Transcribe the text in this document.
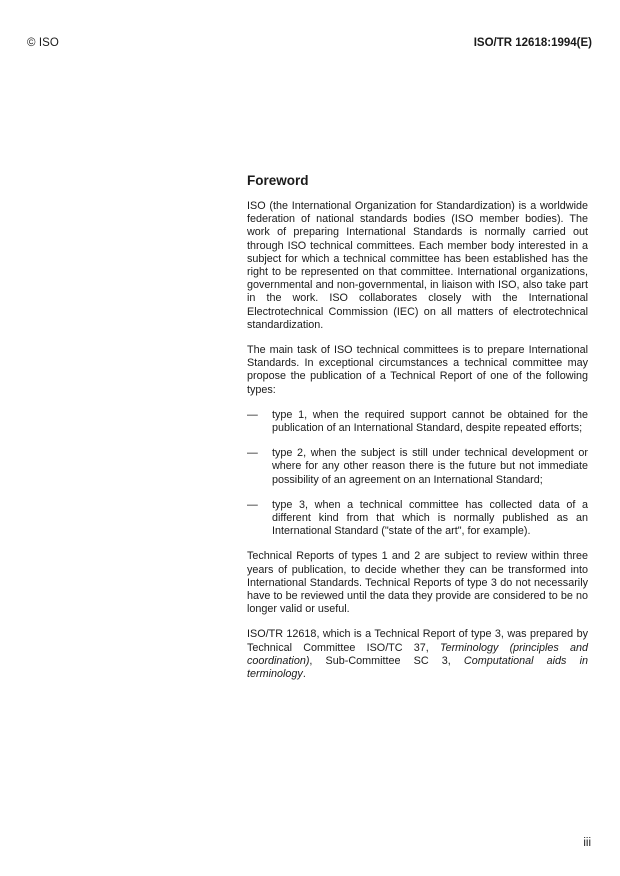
© ISO	ISO/TR 12618:1994(E)
Foreword

ISO (the International Organization for Standardization) is a worldwide federation of national standards bodies (ISO member bodies). The work of preparing International Standards is normally carried out through ISO technical committees. Each member body interested in a subject for which a technical committee has been established has the right to be represented on that committee. International organizations, governmental and non-governmental, in liaison with ISO, also take part in the work. ISO collaborates closely with the International Electrotechnical Commission (IEC) on all matters of electrotechnical standardization.

The main task of ISO technical committees is to prepare International Standards. In exceptional circumstances a technical committee may propose the publication of a Technical Report of one of the following types:

—	type 1, when the required support cannot be obtained for the publication of an International Standard, despite repeated efforts;
—	type 2, when the subject is still under technical development or where for any other reason there is the future but not immediate possibility of an agreement on an International Standard;
—	type 3, when a technical committee has collected data of a different kind from that which is normally published as an International Standard ("state of the art", for example).

Technical Reports of types 1 and 2 are subject to review within three years of publication, to decide whether they can be transformed into International Standards. Technical Reports of type 3 do not necessarily have to be reviewed until the data they provide are considered to be no longer valid or useful.

ISO/TR 12618, which is a Technical Report of type 3, was prepared by Technical Committee ISO/TC 37, Terminology (principles and coordination), Sub-Committee SC 3, Computational aids in terminology.

iii
